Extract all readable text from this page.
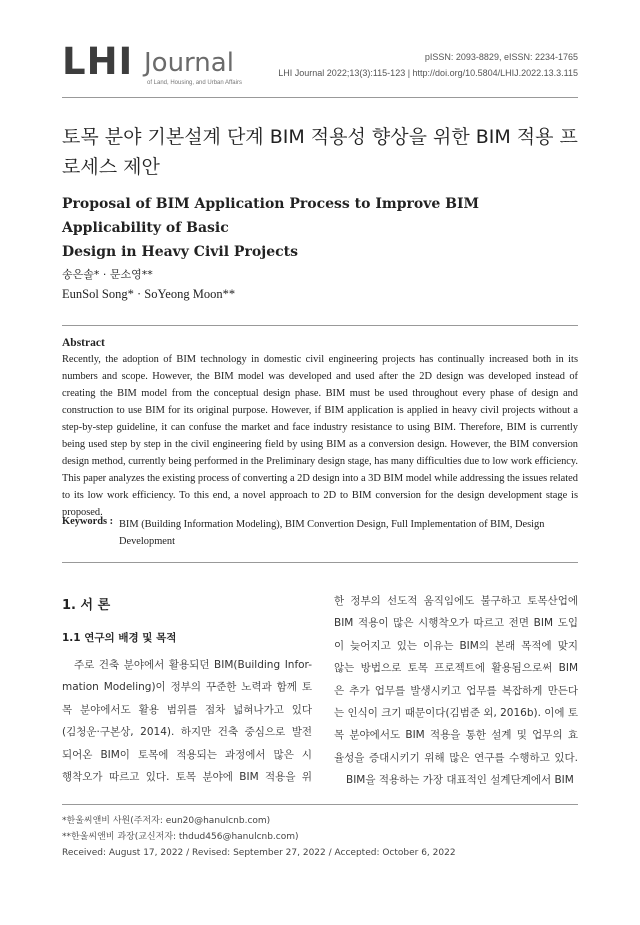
LHI Journal
of Land, Housing, and Urban Affairs
pISSN: 2093-8829, eISSN: 2234-1765
LHI Journal 2022;13(3):115-123 | http://doi.org/10.5804/LHIJ.2022.13.3.115
토목 분야 기본설계 단계 BIM 적용성 향상을 위한 BIM 적용 프
로세스 제안
Proposal of BIM Application Process to Improve BIM Applicability of Basic
Design in Heavy Civil Projects
송은솔* · 문소영**
EunSol Song* · SoYeong Moon**
Abstract
Recently, the adoption of BIM technology in domestic civil engineering projects has continually increased both in its numbers and scope. However, the BIM model was developed and used after the 2D design was developed instead of creating the BIM model from the conceptual design phase. BIM must be used throughout every phase of design and construction to use BIM for its original purpose. However, if BIM application is applied in heavy civil projects without a step-by-step guideline, it can confuse the market and face industry resistance to using BIM. Therefore, BIM is currently being used step by step in the civil engineering field by using BIM as a conversion design. However, the BIM conversion design method, currently being performed in the Preliminary design stage, has many difficulties due to low work efficiency. This paper analyzes the existing process of converting a 2D design into a 3D BIM model while addressing the issues related to its low work efficiency. To this end, a novel approach to 2D to BIM conversion for the design development stage is proposed.
Keywords : BIM (Building Information Modeling), BIM Convertion Design, Full Implementation of BIM, Design Development
1. 서 론
1.1 연구의 배경 및 목적
주로 건축 분야에서 활용되던 BIM(Building Infor-
mation Modeling)이 정부의 꾸준한 노력과 함께 토
목 분야에서도 활용 범위를 점차 넓혀나가고 있다
(김청운·구본상, 2014). 하지만 건축 중심으로 발전
되어온 BIM이 토목에 적용되는 과정에서 많은 시
행착오가 따르고 있다. 토목 분야에 BIM 적용을 위
한 정부의 선도적 움직임에도 불구하고 토목산업에
BIM 적용이 많은 시행착오가 따르고 전면 BIM 도입
이 늦어지고 있는 이유는 BIM의 본래 목적에 맞지
않는 방법으로 토목 프로젝트에 활용됨으로써 BIM
은 추가 업무를 발생시키고 업무를 복잡하게 만든다
는 인식이 크기 때문이다(김범준 외, 2016b). 이에 토
목 분야에서도 BIM 적용을 통한 설계 및 업무의 효
율성을 증대시키기 위해 많은 연구를 수행하고 있다.
BIM을 적용하는 가장 대표적인 설계단계에서 BIM
*한울씨앤비 사원(주저자: eun20@hanulcnb.com)
**한울씨앤비 과장(교신저자: thdud456@hanulcnb.com)
Received: August 17, 2022 / Revised: September 27, 2022 / Accepted: October 6, 2022
